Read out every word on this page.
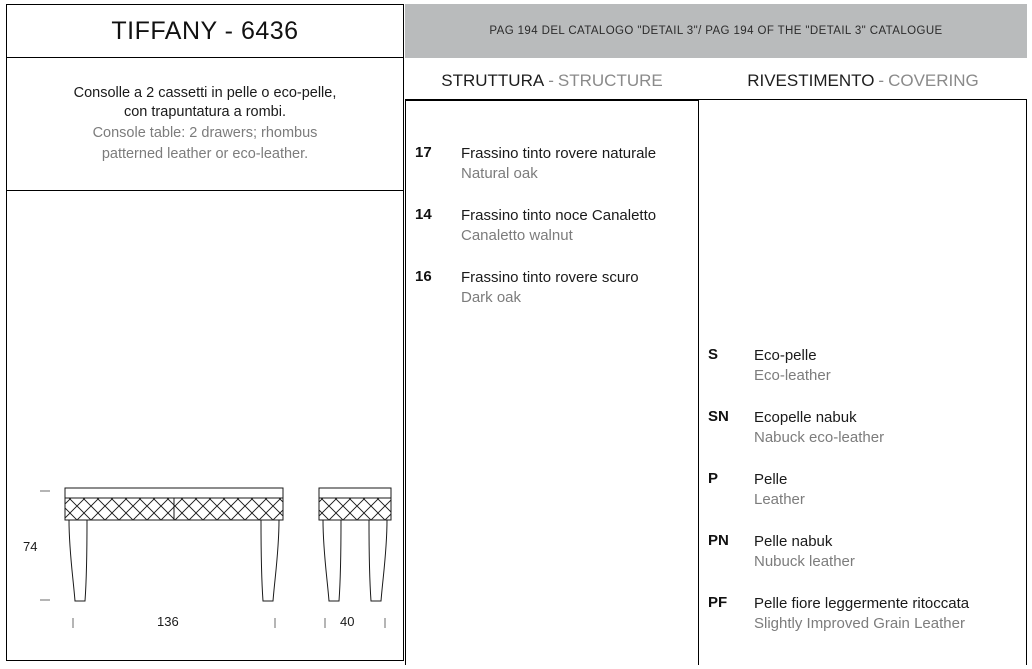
TIFFANY - 6436
Consolle a 2 cassetti in pelle o eco-pelle,
con trapuntatura a rombi.
Console table: 2 drawers; rhombus
patterned leather or eco-leather.
74
136	40
PAG 194 DEL CATALOGO "DETAIL 3"/ PAG 194 OF THE "DETAIL 3" CATALOGUE
STRUTTURA - STRUCTURE	RIVESTIMENTO - COVERING
17	Frassino tinto rovere naturale
Natural oak
14	Frassino tinto noce Canaletto
Canaletto walnut
16	Frassino tinto rovere scuro
Dark oak
S	Eco-pelle
Eco-leather
SN	Ecopelle nabuk
Nabuck eco-leather
P	Pelle
Leather
PN	Pelle nabuk
Nubuck leather
PF	Pelle fiore leggermente ritoccata
Slightly Improved Grain Leather
